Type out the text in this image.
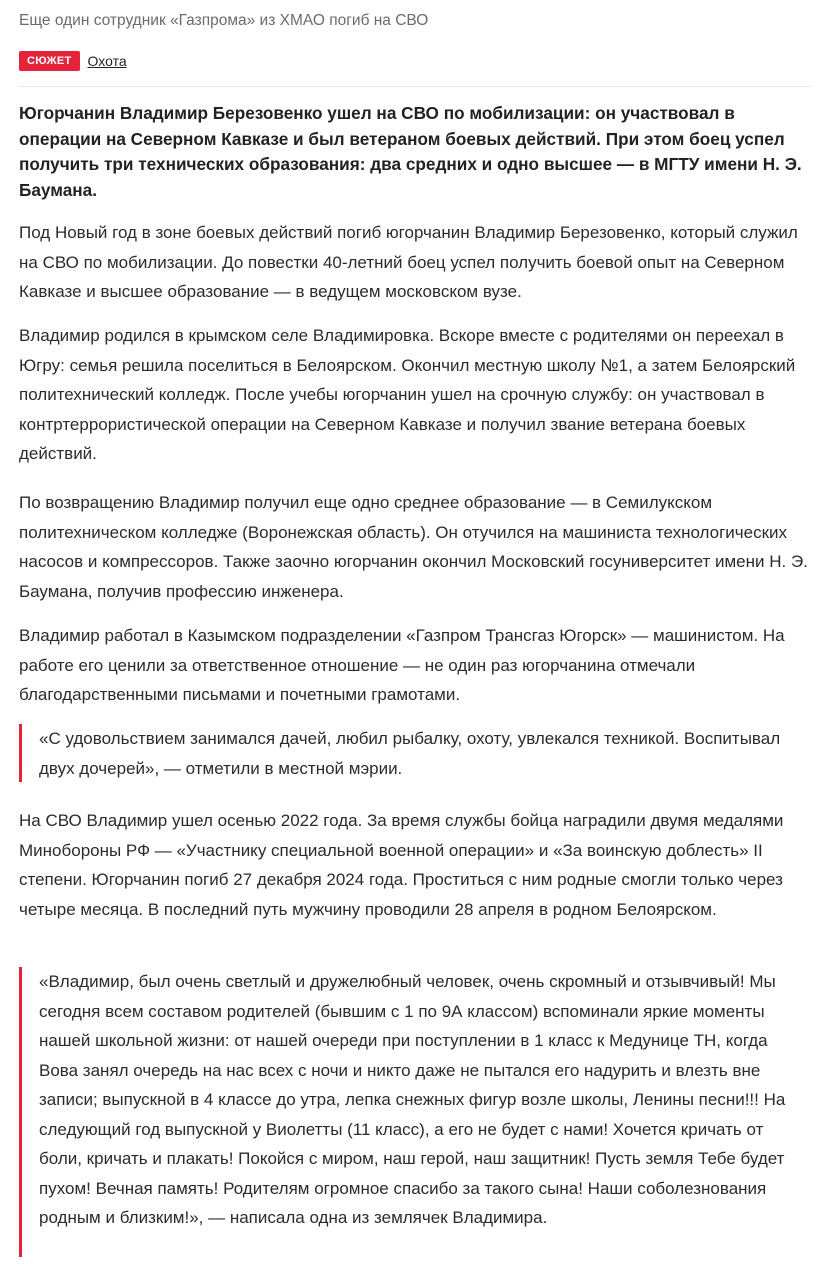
Еще один сотрудник «Газпрома» из ХМАО погиб на СВО
СЮЖЕТ	Охота

Югорчанин Владимир Березовенко ушел на СВО по мобилизации: он участвовал в операции на Северном Кавказе и был ветераном боевых действий. При этом боец успел получить три технических образования: два средних и одно высшее — в МГТУ имени Н. Э. Баумана.

Под Новый год в зоне боевых действий погиб югорчанин Владимир Березовенко, который служил на СВО по мобилизации. До повестки 40-летний боец успел получить боевой опыт на Северном Кавказе и высшее образование — в ведущем московском вузе.

Владимир родился в крымском селе Владимировка. Вскоре вместе с родителями он переехал в Югру: семья решила поселиться в Белоярском. Окончил местную школу №1, а затем Белоярский политехнический колледж. После учебы югорчанин ушел на срочную службу: он участвовал в контртеррористической операции на Северном Кавказе и получил звание ветерана боевых действий.

По возвращению Владимир получил еще одно среднее образование — в Семилукском политехническом колледже (Воронежская область). Он отучился на машиниста технологических насосов и компрессоров. Также заочно югорчанин окончил Московский госуниверситет имени Н. Э. Баумана, получив профессию инженера.

Владимир работал в Казымском подразделении «Газпром Трансгаз Югорск» — машинистом. На работе его ценили за ответственное отношение — не один раз югорчанина отмечали благодарственными письмами и почетными грамотами.

«С удовольствием занимался дачей, любил рыбалку, охоту, увлекался техникой. Воспитывал двух дочерей», — отметили в местной мэрии.

На СВО Владимир ушел осенью 2022 года. За время службы бойца наградили двумя медалями Минобороны РФ — «Участнику специальной военной операции» и «За воинскую доблесть» II степени. Югорчанин погиб 27 декабря 2024 года. Проститься с ним родные смогли только через четыре месяца. В последний путь мужчину проводили 28 апреля в родном Белоярском.

«Владимир, был очень светлый и дружелюбный человек, очень скромный и отзывчивый! Мы сегодня всем составом родителей (бывшим с 1 по 9А классом) вспоминали яркие моменты нашей школьной жизни: от нашей очереди при поступлении в 1 класс к Медунице ТН, когда Вова занял очередь на нас всех с ночи и никто даже не пытался его надурить и влезть вне записи; выпускной в 4 классе до утра, лепка снежных фигур возле школы, Ленины песни!!! На следующий год выпускной у Виолетты (11 класс), а его не будет с нами! Хочется кричать от боли, кричать и плакать! Покойся с миром, наш герой, наш защитник! Пусть земля Тебе будет пухом! Вечная память! Родителям огромное спасибо за такого сына! Наши соболезнования родным и близким!», — написала одна из землячек Владимира.
